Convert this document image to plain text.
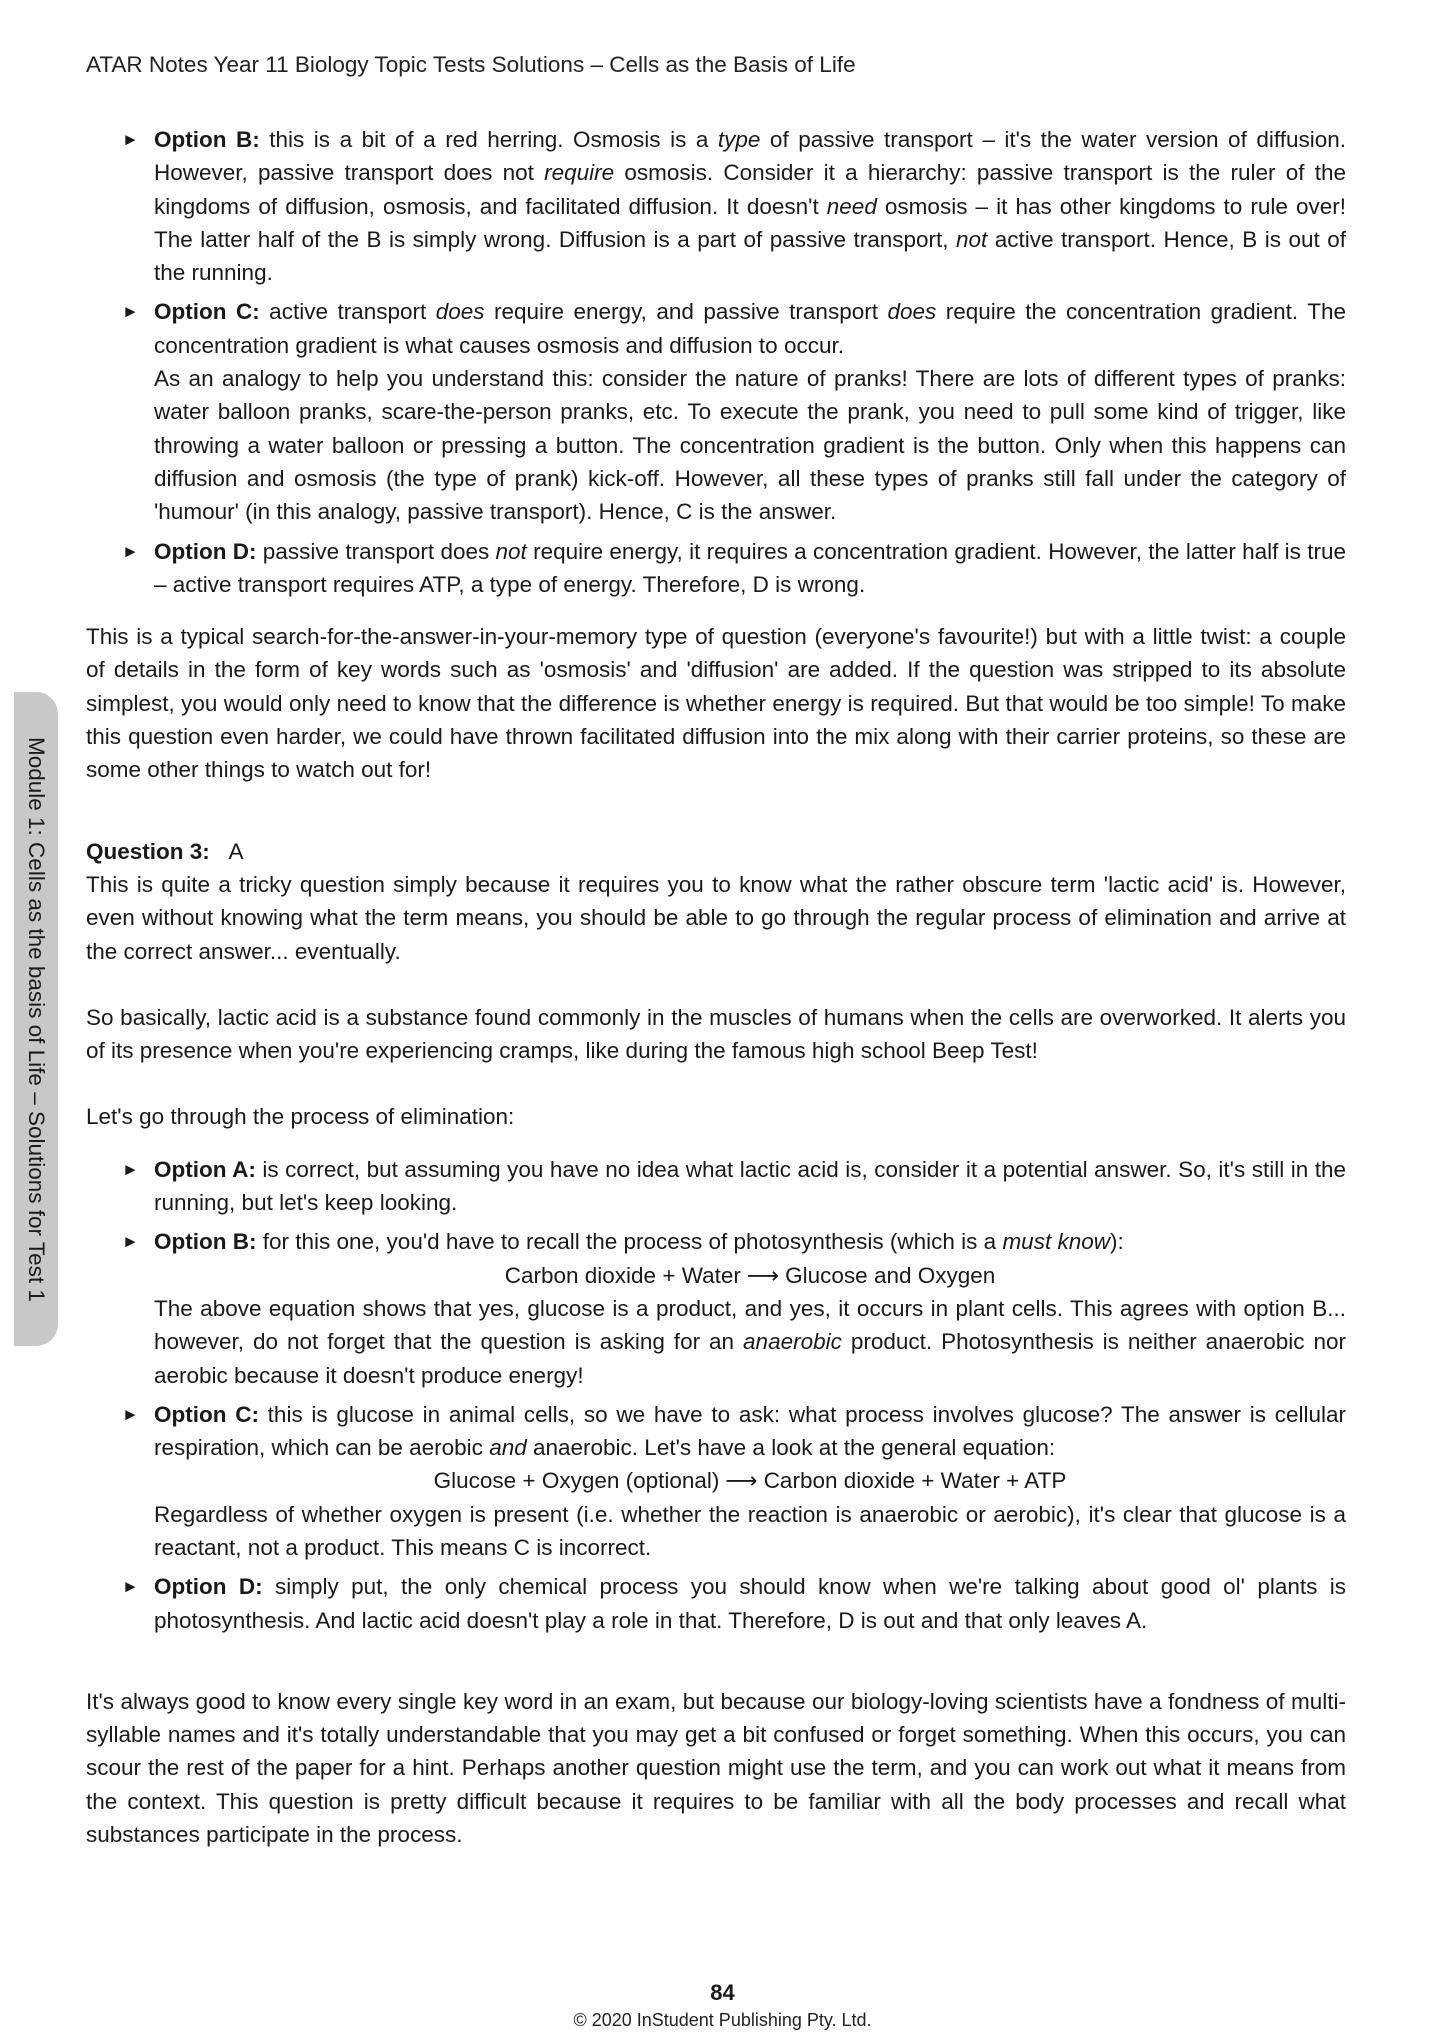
ATAR Notes Year 11 Biology Topic Tests Solutions – Cells as the Basis of Life
Module 1: Cells as the basis of Life – Solutions for Test 1
► Option B: this is a bit of a red herring. Osmosis is a type of passive transport – it's the water version of diffusion. However, passive transport does not require osmosis. Consider it a hierarchy: passive transport is the ruler of the kingdoms of diffusion, osmosis, and facilitated diffusion. It doesn't need osmosis – it has other kingdoms to rule over! The latter half of the B is simply wrong. Diffusion is a part of passive transport, not active transport. Hence, B is out of the running.
► Option C: active transport does require energy, and passive transport does require the concentration gradient. The concentration gradient is what causes osmosis and diffusion to occur.

As an analogy to help you understand this: consider the nature of pranks! There are lots of different types of pranks: water balloon pranks, scare-the-person pranks, etc. To execute the prank, you need to pull some kind of trigger, like throwing a water balloon or pressing a button. The concentration gradient is the button. Only when this happens can diffusion and osmosis (the type of prank) kick-off. However, all these types of pranks still fall under the category of 'humour' (in this analogy, passive transport). Hence, C is the answer.

► Option D: passive transport does not require energy, it requires a concentration gradient. However, the latter half is true – active transport requires ATP, a type of energy. Therefore, D is wrong.

This is a typical search-for-the-answer-in-your-memory type of question (everyone's favourite!) but with a little twist: a couple of details in the form of key words such as 'osmosis' and 'diffusion' are added. If the question was stripped to its absolute simplest, you would only need to know that the difference is whether energy is required. But that would be too simple! To make this question even harder, we could have thrown facilitated diffusion into the mix along with their carrier proteins, so these are some other things to watch out for!

Question 3: A

This is quite a tricky question simply because it requires you to know what the rather obscure term 'lactic acid' is. However, even without knowing what the term means, you should be able to go through the regular process of elimination and arrive at the correct answer... eventually.

So basically, lactic acid is a substance found commonly in the muscles of humans when the cells are overworked. It alerts you of its presence when you're experiencing cramps, like during the famous high school Beep Test!

Let's go through the process of elimination:

► Option A: is correct, but assuming you have no idea what lactic acid is, consider it a potential answer. So, it's still in the running, but let's keep looking.
► Option B: for this one, you'd have to recall the process of photosynthesis (which is a must know):

Carbon dioxide + Water ⟶ Glucose and Oxygen

The above equation shows that yes, glucose is a product, and yes, it occurs in plant cells. This agrees with option B... however, do not forget that the question is asking for an anaerobic product. Photosynthesis is neither anaerobic nor aerobic because it doesn't produce energy!

► Option C: this is glucose in animal cells, so we have to ask: what process involves glucose? The answer is cellular respiration, which can be aerobic and anaerobic. Let's have a look at the general equation:

Glucose + Oxygen (optional) ⟶ Carbon dioxide + Water + ATP

Regardless of whether oxygen is present (i.e. whether the reaction is anaerobic or aerobic), it's clear that glucose is a reactant, not a product. This means C is incorrect.

► Option D: simply put, the only chemical process you should know when we're talking about good ol' plants is photosynthesis. And lactic acid doesn't play a role in that. Therefore, D is out and that only leaves A.

It's always good to know every single key word in an exam, but because our biology-loving scientists have a fondness of multi-syllable names and it's totally understandable that you may get a bit confused or forget something. When this occurs, you can scour the rest of the paper for a hint. Perhaps another question might use the term, and you can work out what it means from the context. This question is pretty difficult because it requires to be familiar with all the body processes and recall what substances participate in the process.

84
© 2020 InStudent Publishing Pty. Ltd.
